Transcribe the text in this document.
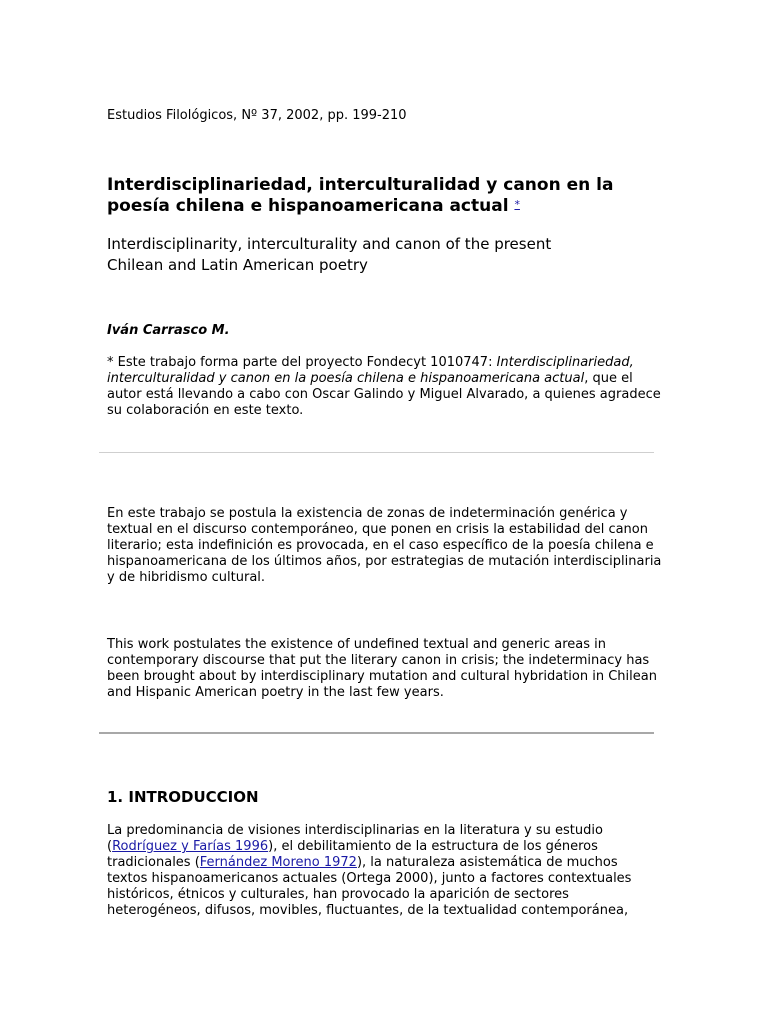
Estudios Filológicos, Nº 37, 2002, pp. 199-210
Interdisciplinariedad, interculturalidad y canon en la
poesía chilena e hispanoamericana actual *
Interdisciplinarity, interculturality and canon of the present
Chilean and Latin American poetry
Iván Carrasco M.
* Este trabajo forma parte del proyecto Fondecyt 1010747: Interdisciplinariedad,
interculturalidad y canon en la poesía chilena e hispanoamericana actual, que el
autor está llevando a cabo con Oscar Galindo y Miguel Alvarado, a quienes agradece
su colaboración en este texto.
En este trabajo se postula la existencia de zonas de indeterminación genérica y
textual en el discurso contemporáneo, que ponen en crisis la estabilidad del canon
literario; esta indefinición es provocada, en el caso específico de la poesía chilena e
hispanoamericana de los últimos años, por estrategias de mutación interdisciplinaria
y de hibridismo cultural.
This work postulates the existence of undefined textual and generic areas in
contemporary discourse that put the literary canon in crisis; the indeterminacy has
been brought about by interdisciplinary mutation and cultural hybridation in Chilean
and Hispanic American poetry in the last few years.
1. INTRODUCCION
La predominancia de visiones interdisciplinarias en la literatura y su estudio
(Rodríguez y Farías 1996), el debilitamiento de la estructura de los géneros
tradicionales (Fernández Moreno 1972), la naturaleza asistemática de muchos
textos hispanoamericanos actuales (Ortega 2000), junto a factores contextuales
históricos, étnicos y culturales, han provocado la aparición de sectores
heterogéneos, difusos, movibles, fluctuantes, de la textualidad contemporánea,
